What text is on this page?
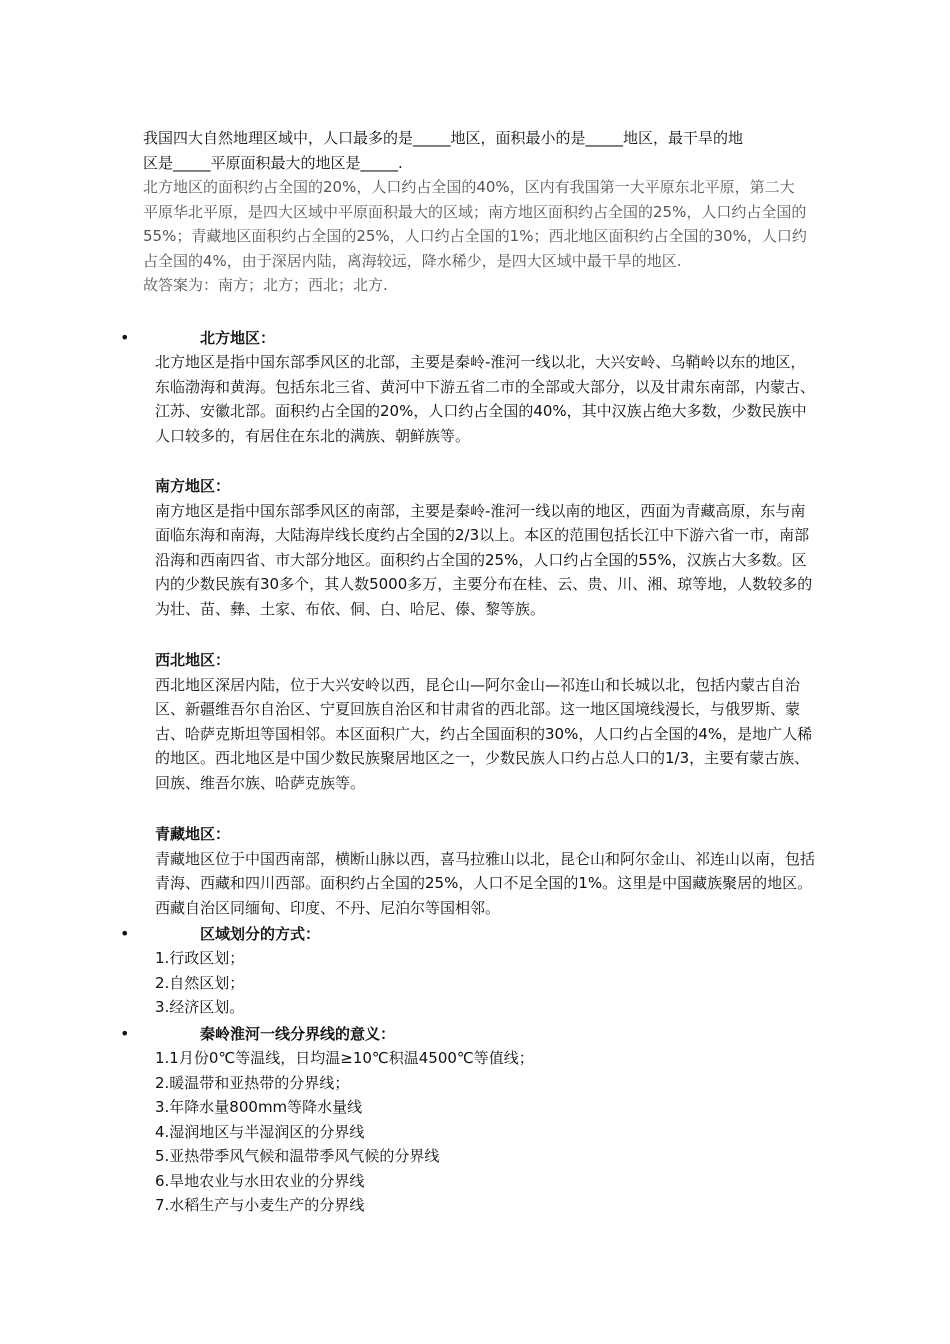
我国四大自然地理区域中，人口最多的是_____地区，面积最小的是_____地区，最干旱的地

区是_____平原面积最大的地区是_____.

北方地区的面积约占全国的20%，人口约占全国的40%，区内有我国第一大平原东北平原，第二大平原华北平原，是四大区域中平原面积最大的区域；南方地区面积约占全国的25%，人口约占全国的55%；青藏地区面积约占全国的25%，人口约占全国的1%；西北地区面积约占全国的30%，人口约占全国的4%，由于深居内陆，离海较远，降水稀少，是四大区域中最干旱的地区.

故答案为：南方；北方；西北；北方.

•	北方地区：

北方地区是指中国东部季风区的北部，主要是秦岭-淮河一线以北，大兴安岭、乌鞘岭以东的地区，东临渤海和黄海。包括东北三省、黄河中下游五省二市的全部或大部分，以及甘肃东南部，内蒙古、江苏、安徽北部。面积约占全国的20%，人口约占全国的40%，其中汉族占绝大多数，少数民族中人口较多的，有居住在东北的满族、朝鲜族等。

南方地区：

南方地区是指中国东部季风区的南部，主要是秦岭-淮河一线以南的地区，西面为青藏高原，东与南面临东海和南海，大陆海岸线长度约占全国的2/3以上。本区的范围包括长江中下游六省一市，南部沿海和西南四省、市大部分地区。面积约占全国的25%，人口约占全国的55%，汉族占大多数。区内的少数民族有30多个，其人数5000多万，主要分布在桂、云、贵、川、湘、琼等地，人数较多的为壮、苗、彝、土家、布依、侗、白、哈尼、傣、黎等族。

西北地区：

西北地区深居内陆，位于大兴安岭以西，昆仑山—阿尔金山—祁连山和长城以北，包括内蒙古自治区、新疆维吾尔自治区、宁夏回族自治区和甘肃省的西北部。这一地区国境线漫长，与俄罗斯、蒙古、哈萨克斯坦等国相邻。本区面积广大，约占全国面积的30%，人口约占全国的4%，是地广人稀的地区。西北地区是中国少数民族聚居地区之一，少数民族人口约占总人口的1/3，主要有蒙古族、回族、维吾尔族、哈萨克族等。

青藏地区：

青藏地区位于中国西南部，横断山脉以西，喜马拉雅山以北，昆仑山和阿尔金山、祁连山以南，包括青海、西藏和四川西部。面积约占全国的25%，人口不足全国的1%。这里是中国藏族聚居的地区。西藏自治区同缅甸、印度、不丹、尼泊尔等国相邻。

•	区域划分的方式：
1.行政区划；
2.自然区划；
3.经济区划。
•	秦岭淮河一线分界线的意义：
1.1月份0℃等温线，日均温≥10℃积温4500℃等值线；
2.暖温带和亚热带的分界线；
3.年降水量800mm等降水量线
4.湿润地区与半湿润区的分界线
5.亚热带季风气候和温带季风气候的分界线
6.旱地农业与水田农业的分界线
7.水稻生产与小麦生产的分界线
